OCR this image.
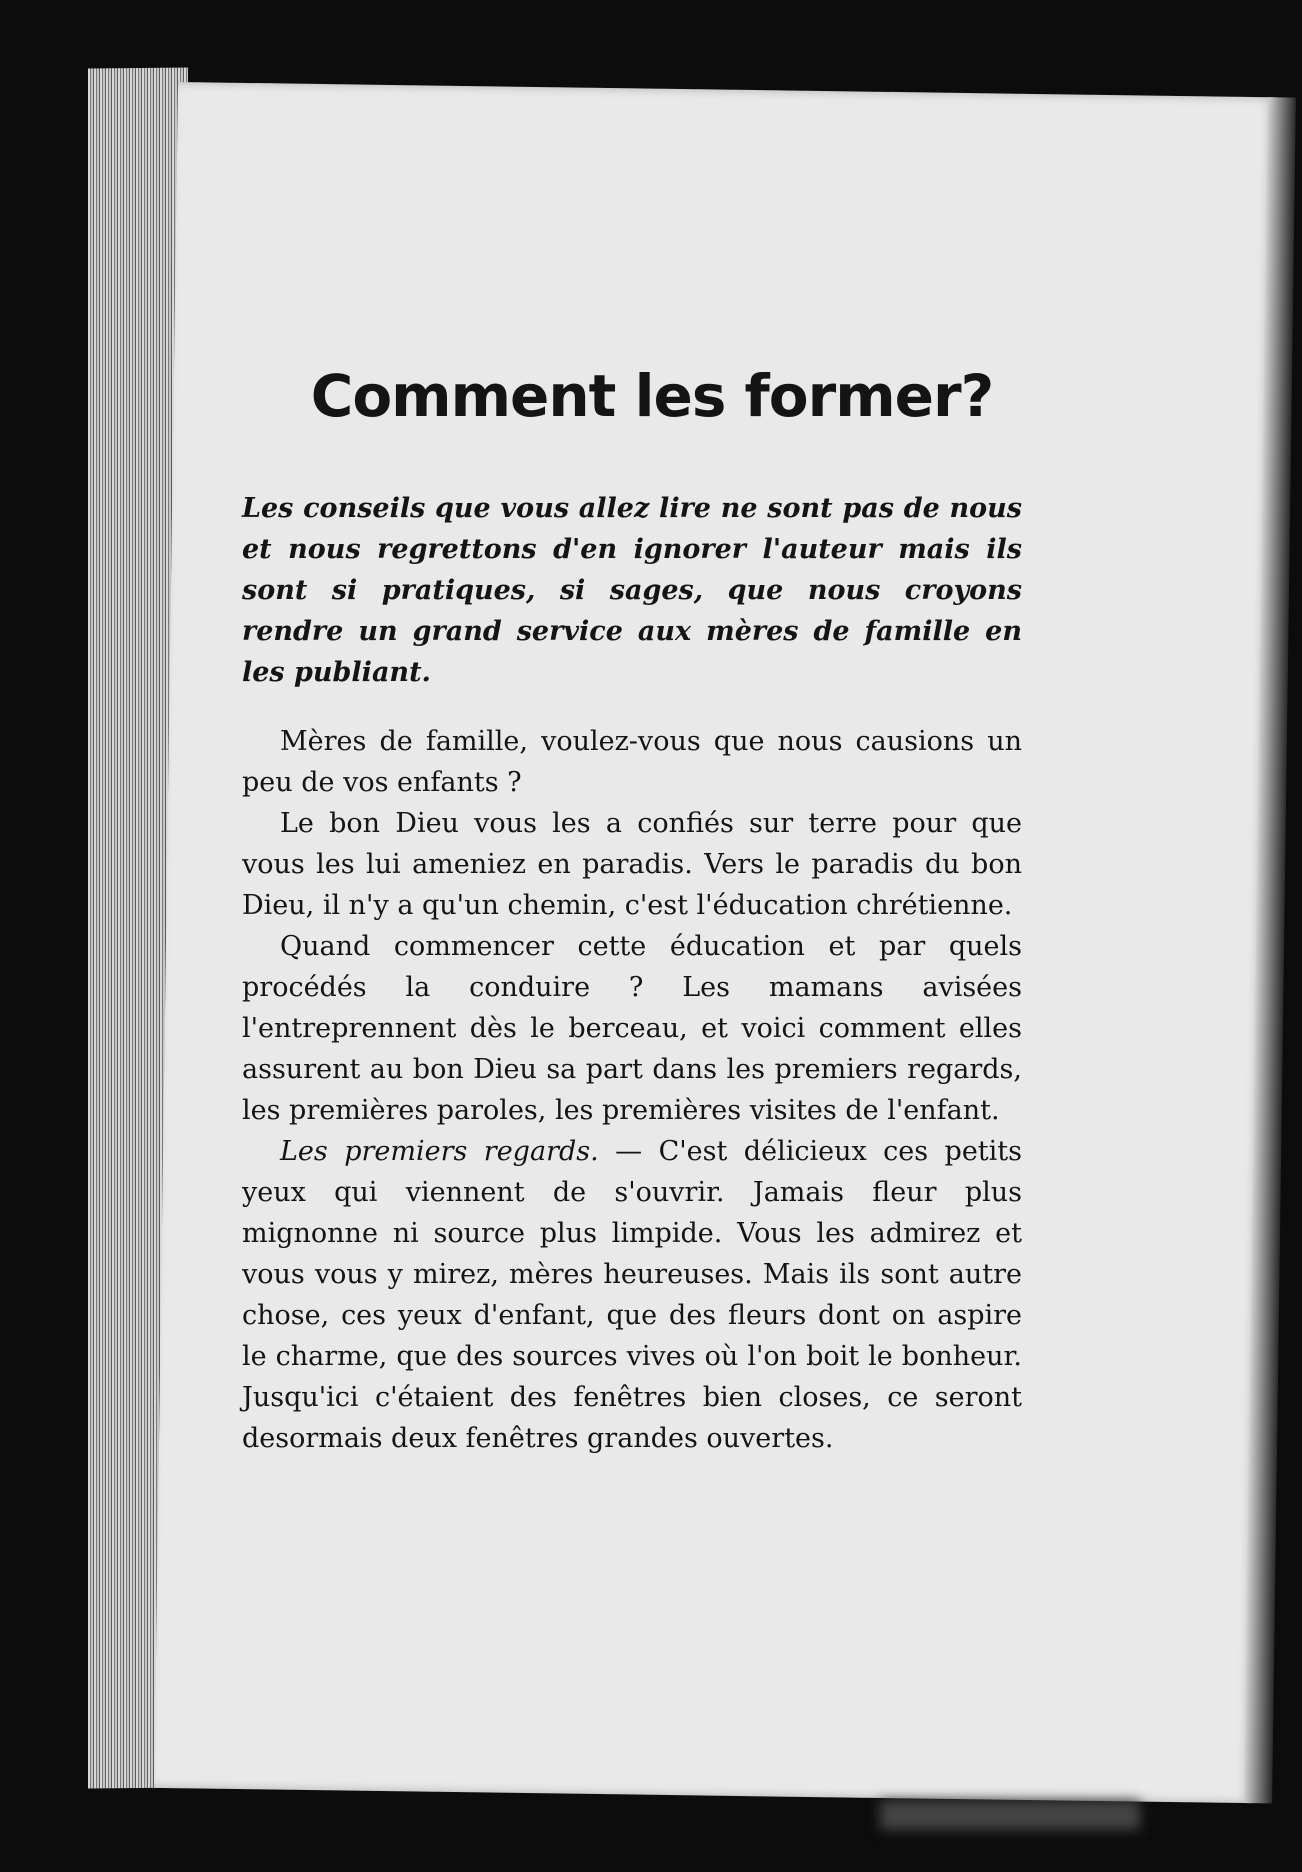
Comment les former?

Les conseils que vous allez lire ne sont pas de nous et nous regrettons d'en ignorer l'auteur mais ils sont si pratiques, si sages, que nous croyons rendre un grand service aux mères de famille en les publiant.

Mères de famille, voulez-vous que nous causions un peu de vos enfants ?

Le bon Dieu vous les a confiés sur terre pour que vous les lui ameniez en paradis. Vers le paradis du bon Dieu, il n'y a qu'un chemin, c'est l'éducation chrétienne.

Quand commencer cette éducation et par quels procédés la conduire ? Les mamans avisées l'entreprennent dès le berceau, et voici comment elles assurent au bon Dieu sa part dans les premiers regards, les premières paroles, les premières visites de l'enfant.

Les premiers regards. — C'est délicieux ces petits yeux qui viennent de s'ouvrir. Jamais fleur plus mignonne ni source plus limpide. Vous les admirez et vous vous y mirez, mères heureuses. Mais ils sont autre chose, ces yeux d'enfant, que des fleurs dont on aspire le charme, que des sources vives où l'on boit le bonheur. Jusqu'ici c'étaient des fenêtres bien closes, ce seront desormais deux fenêtres grandes ouvertes.
